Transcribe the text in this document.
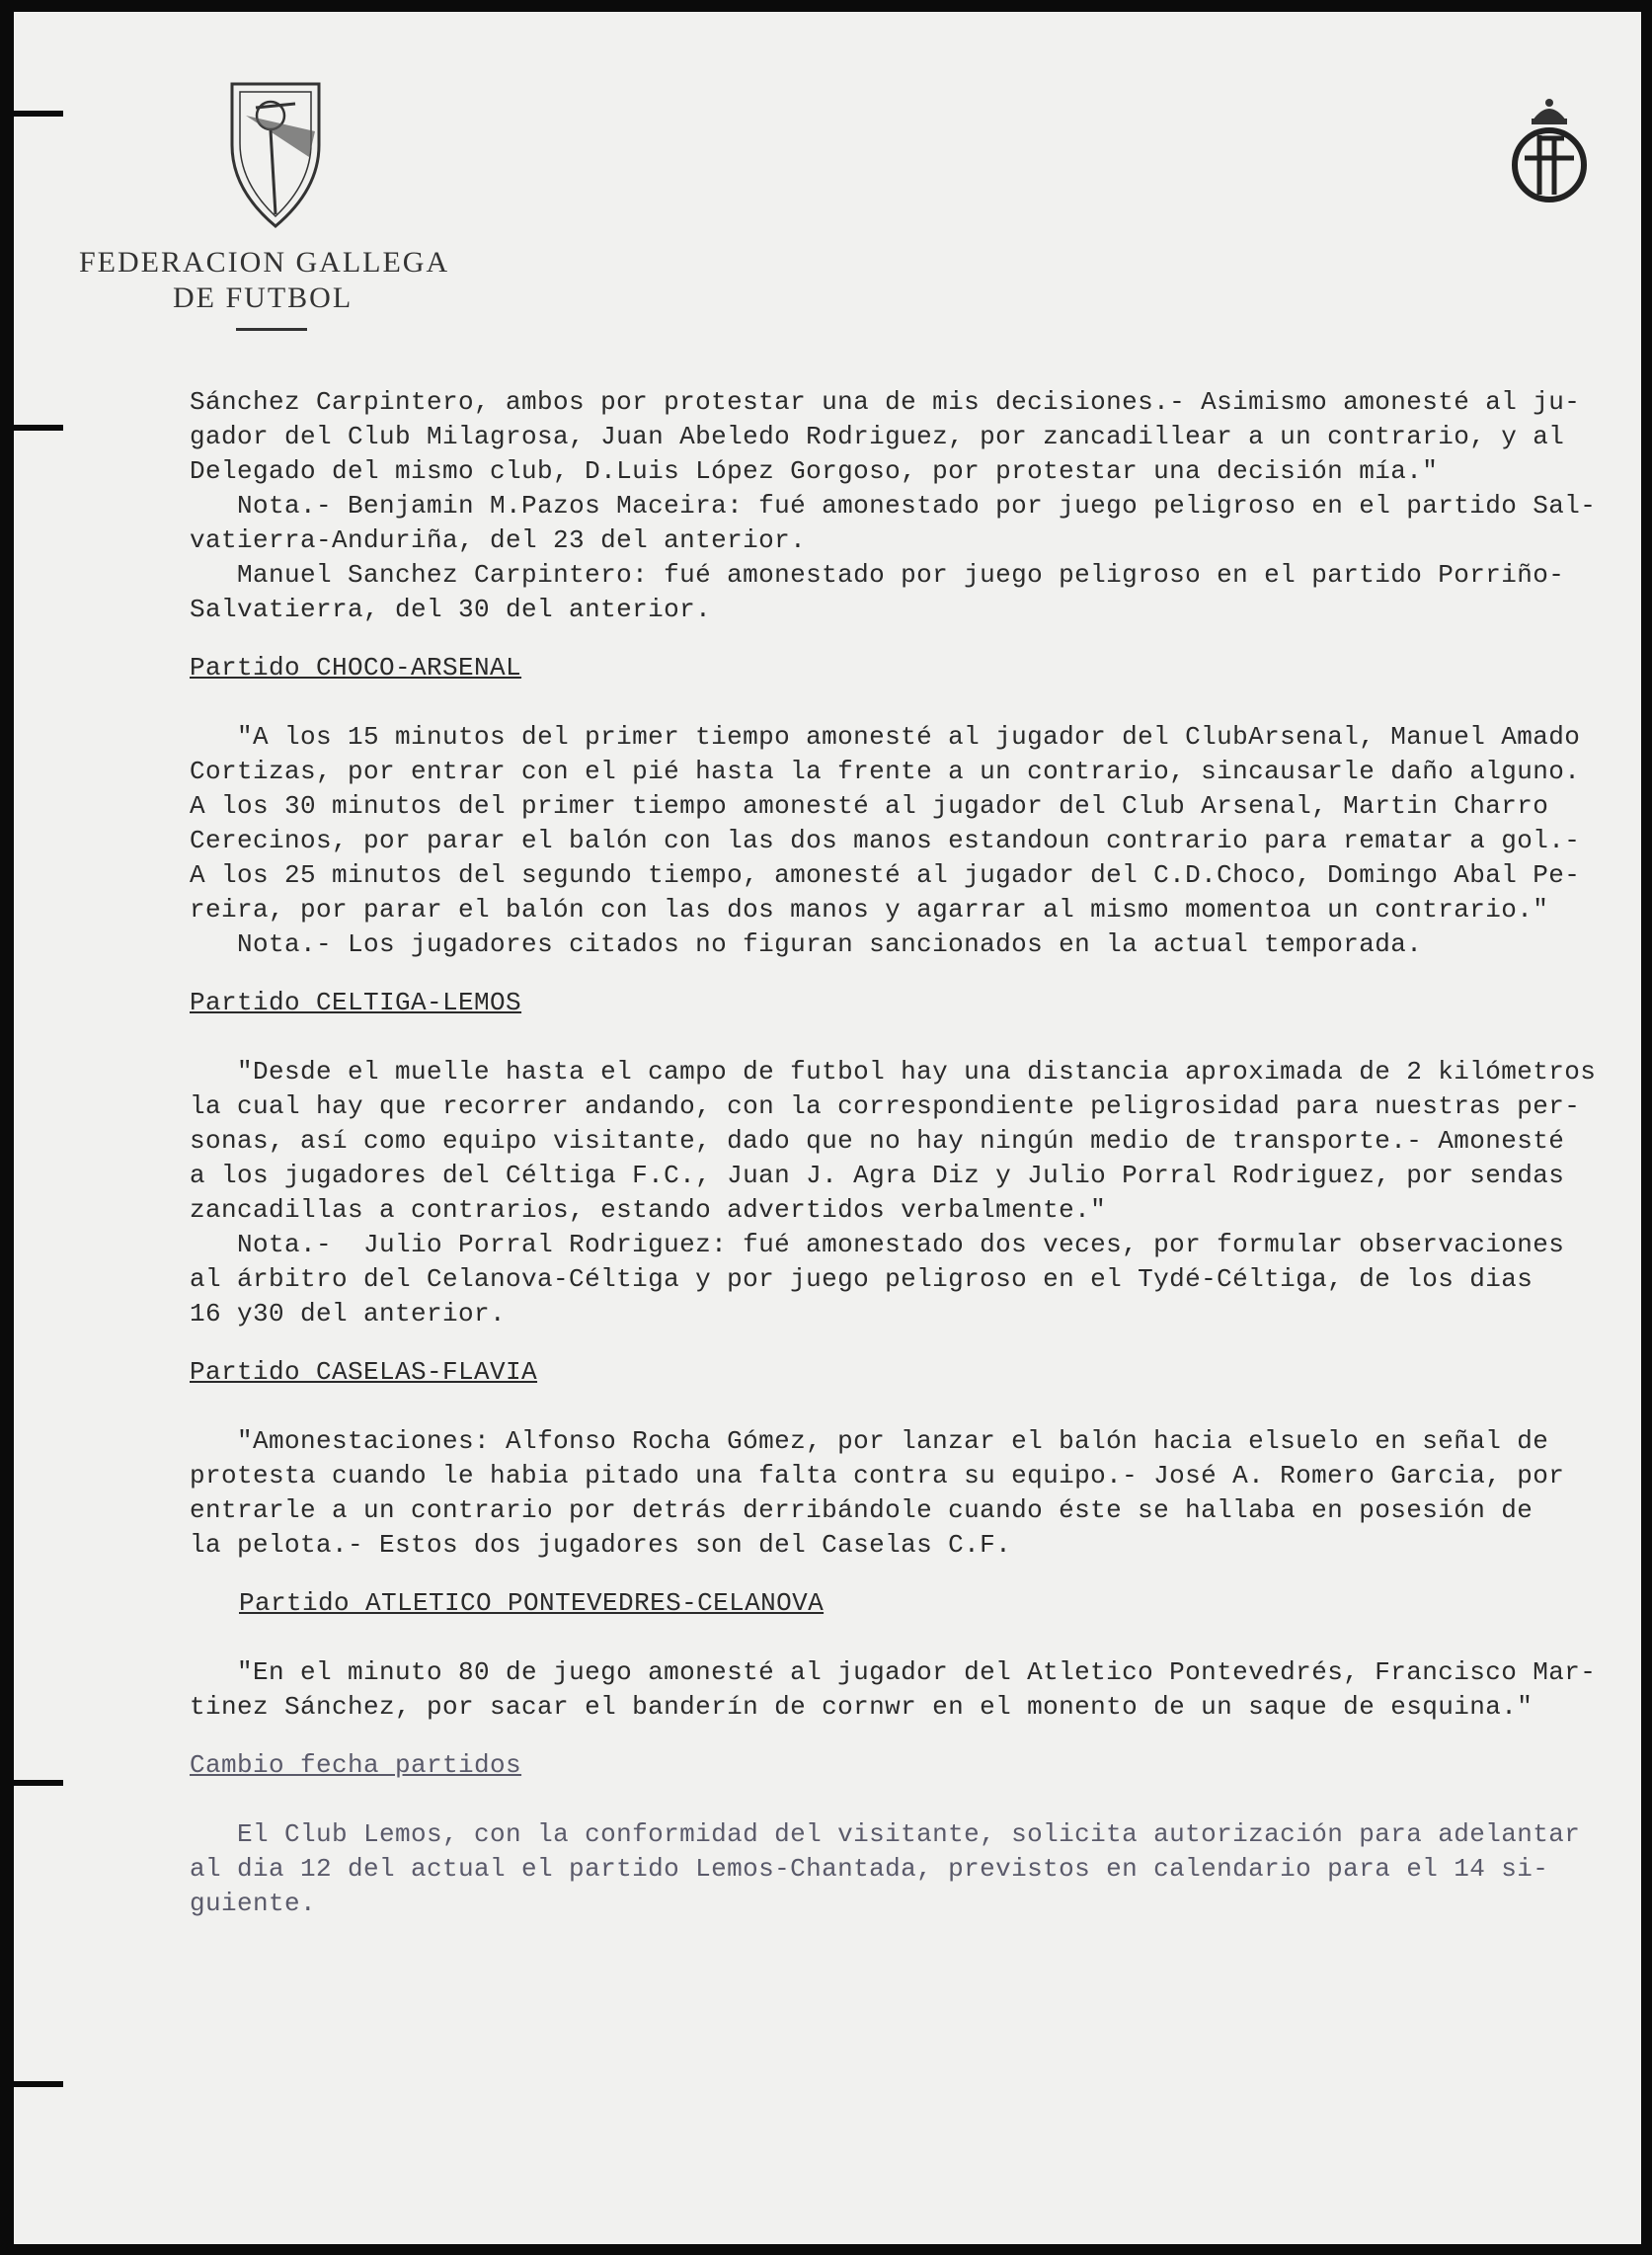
FEDERACION GALLEGA
DE FUTBOL

Sánchez Carpintero, ambos por protestar una de mis decisiones.- Asimismo amonesté al ju-

gador del Club Milagrosa, Juan Abeledo Rodriguez, por zancadillear a un contrario, y al

Delegado del mismo club, D.Luis López Gorgoso, por protestar una decisión mía."

Nota.- Benjamin M.Pazos Maceira: fué amonestado por juego peligroso en el partido Sal-

vatierra-Anduriña, del 23 del anterior.

Manuel Sanchez Carpintero: fué amonestado por juego peligroso en el partido Porriño-

Salvatierra, del 30 del anterior.

Partido CHOCO-ARSENAL

"A los 15 minutos del primer tiempo amonesté al jugador del ClubArsenal, Manuel Amado

Cortizas, por entrar con el pié hasta la frente a un contrario, sincausarle daño alguno.

A los 30 minutos del primer tiempo amonesté al jugador del Club Arsenal, Martin Charro

Cerecinos, por parar el balón con las dos manos estandoun contrario para rematar a gol.-

A los 25 minutos del segundo tiempo, amonesté al jugador del C.D.Choco, Domingo Abal Pe-

reira, por parar el balón con las dos manos y agarrar al mismo momentoa un contrario."

Nota.- Los jugadores citados no figuran sancionados en la actual temporada.

Partido CELTIGA-LEMOS

"Desde el muelle hasta el campo de futbol hay una distancia aproximada de 2 kilómetros

la cual hay que recorrer andando, con la correspondiente peligrosidad para nuestras per-

sonas, así como equipo visitante, dado que no hay ningún medio de transporte.- Amonesté

a los jugadores del Céltiga F.C., Juan J. Agra Diz y Julio Porral Rodriguez, por sendas

zancadillas a contrarios, estando advertidos verbalmente."

Nota.-  Julio Porral Rodriguez: fué amonestado dos veces, por formular observaciones

al árbitro del Celanova-Céltiga y por juego peligroso en el Tydé-Céltiga, de los dias

16 y30 del anterior.

Partido CASELAS-FLAVIA

"Amonestaciones: Alfonso Rocha Gómez, por lanzar el balón hacia elsuelo en señal de

protesta cuando le habia pitado una falta contra su equipo.- José A. Romero Garcia, por

entrarle a un contrario por detrás derribándole cuando éste se hallaba en posesión de

la pelota.- Estos dos jugadores son del Caselas C.F.

Partido ATLETICO PONTEVEDRES-CELANOVA

"En el minuto 80 de juego amonesté al jugador del Atletico Pontevedrés, Francisco Mar-

tinez Sánchez, por sacar el banderín de cornwr en el monento de un saque de esquina."

Cambio fecha partidos

El Club Lemos, con la conformidad del visitante, solicita autorización para adelantar

al dia 12 del actual el partido Lemos-Chantada, previstos en calendario para el 14 si-

guiente.
